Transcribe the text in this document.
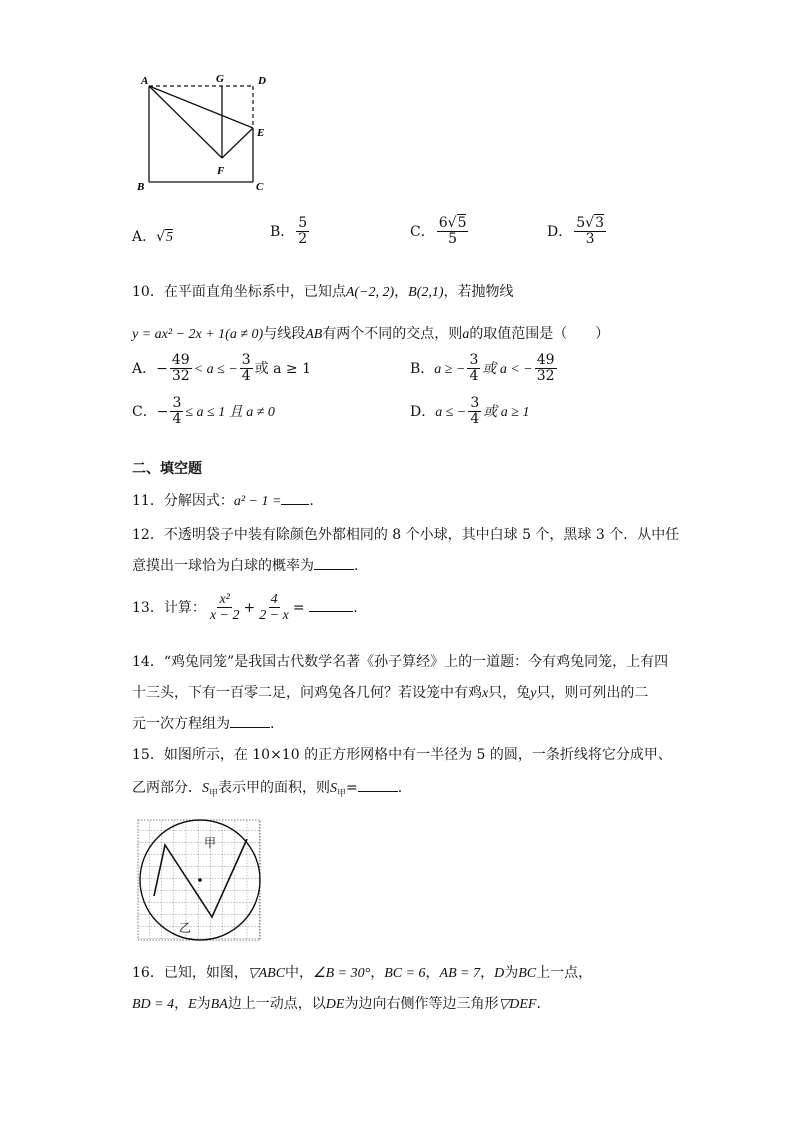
A	G	D
E
F
B	C
A．√5	B． $\frac{5}{2}$	C． $\frac{6√5}{5}$	D． $\frac{5√3}{3}$
10．在平面直角坐标系中，已知点A(−2, 2)，B(2,1)，若抛物线
y = ax² − 2x + 1(a ≠ 0)与线段AB有两个不同的交点，则a的取值范围是（　　）
A．− $\frac{49}{32} < a$ ≤ − $\frac{3}{4}$ 或 a ≥ 1	B．a ≥ − $\frac{3}{4}$ 或 a < − $\frac{49}{32}$
C．− $\frac{3}{4} \le a \le 1$ 且 a ≠ 0	D．a ≤ − $\frac{3}{4}$ 或 a ≥ 1
二、填空题
11．分解因式：a² − 1 = .
12．不透明袋子中装有除颜色外都相同的 8 个小球，其中白球 5 个，黑球 3 个．从中任
意摸出一球恰为白球的概率为	.
13．计算： $\frac{\text{x²}}{x - 2} + \frac{4}{2 - x}$ =	.
14．“鸡兔同笼”是我国古代数学名著《孙子算经》上的一道题：今有鸡兔同笼，上有四
十三头，下有一百零二足，问鸡兔各几何？若设笼中有鸡x只，兔y只，则可列出的二
元一次方程组为	.
15．如图所示，在 10×10 的正方形网格中有一半径为 5 的圆，一条折线将它分成甲、
乙两部分．$S_甲$表示甲的面积，则$S_甲=$	.
甲
乙
16．已知，如图，▽ABC中，∠B = 30°，BC = 6，AB = 7，D为BC上一点，
BD = 4，E为BA边上一动点，以DE为边向右侧作等边三角形▽DEF.
